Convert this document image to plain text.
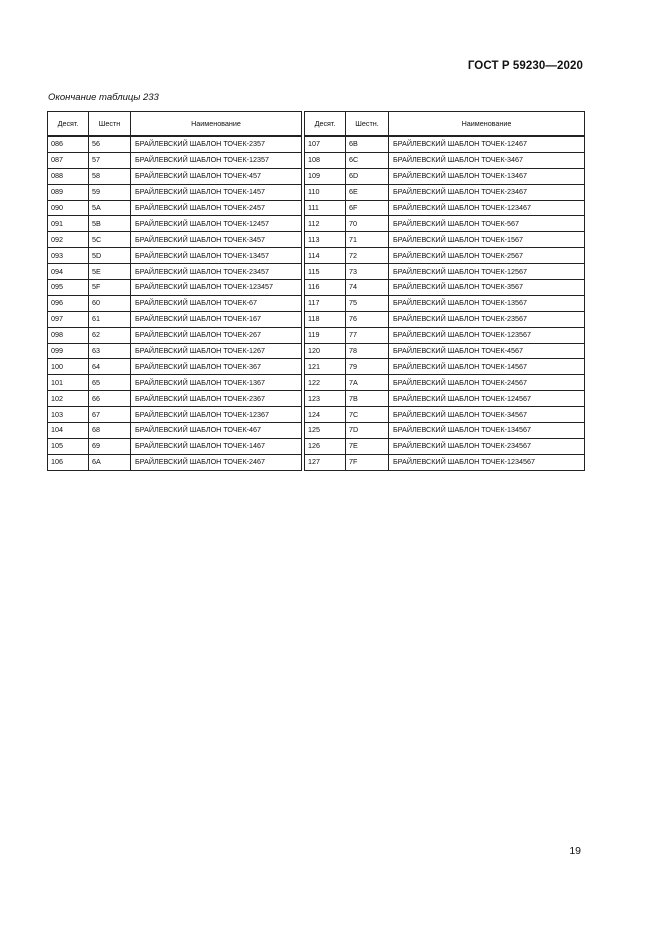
ГОСТ Р 59230—2020
Окончание таблицы 233
Десят.	Шестн	Наименование
086	56	БРАЙЛЕВСКИЙ ШАБЛОН ТОЧЕК-2357
087	57	БРАЙЛЕВСКИЙ ШАБЛОН ТОЧЕК-12357
088	58	БРАЙЛЕВСКИЙ ШАБЛОН ТОЧЕК-457
089	59	БРАЙЛЕВСКИЙ ШАБЛОН ТОЧЕК-1457
090	5A	БРАЙЛЕВСКИЙ ШАБЛОН ТОЧЕК-2457
091	5B	БРАЙЛЕВСКИЙ ШАБЛОН ТОЧЕК-12457
092	5C	БРАЙЛЕВСКИЙ ШАБЛОН ТОЧЕК-3457
093	5D	БРАЙЛЕВСКИЙ ШАБЛОН ТОЧЕК-13457
094	5E	БРАЙЛЕВСКИЙ ШАБЛОН ТОЧЕК-23457
095	5F	БРАЙЛЕВСКИЙ ШАБЛОН ТОЧЕК-123457
096	60	БРАЙЛЕВСКИЙ ШАБЛОН ТОЧЕК-67
097	61	БРАЙЛЕВСКИЙ ШАБЛОН ТОЧЕК-167
098	62	БРАЙЛЕВСКИЙ ШАБЛОН ТОЧЕК-267
099	63	БРАЙЛЕВСКИЙ ШАБЛОН ТОЧЕК-1267
100	64	БРАЙЛЕВСКИЙ ШАБЛОН ТОЧЕК-367
101	65	БРАЙЛЕВСКИЙ ШАБЛОН ТОЧЕК-1367
102	66	БРАЙЛЕВСКИЙ ШАБЛОН ТОЧЕК-2367
103	67	БРАЙЛЕВСКИЙ ШАБЛОН ТОЧЕК-12367
104	68	БРАЙЛЕВСКИЙ ШАБЛОН ТОЧЕК-467
105	69	БРАЙЛЕВСКИЙ ШАБЛОН ТОЧЕК-1467
106	6A	БРАЙЛЕВСКИЙ ШАБЛОН ТОЧЕК-2467
Десят.	Шестн.	Наименование
107	6B	БРАЙЛЕВСКИЙ ШАБЛОН ТОЧЕК-12467
108	6C	БРАЙЛЕВСКИЙ ШАБЛОН ТОЧЕК-3467
109	6D	БРАЙЛЕВСКИЙ ШАБЛОН ТОЧЕК-13467
110	6E	БРАЙЛЕВСКИЙ ШАБЛОН ТОЧЕК-23467
111	6F	БРАЙЛЕВСКИЙ ШАБЛОН ТОЧЕК-123467
112	70	БРАЙЛЕВСКИЙ ШАБЛОН ТОЧЕК-567
113	71	БРАЙЛЕВСКИЙ ШАБЛОН ТОЧЕК-1567
114	72	БРАЙЛЕВСКИЙ ШАБЛОН ТОЧЕК-2567
115	73	БРАЙЛЕВСКИЙ ШАБЛОН ТОЧЕК-12567
116	74	БРАЙЛЕВСКИЙ ШАБЛОН ТОЧЕК-3567
117	75	БРАЙЛЕВСКИЙ ШАБЛОН ТОЧЕК-13567
118	76	БРАЙЛЕВСКИЙ ШАБЛОН ТОЧЕК-23567
119	77	БРАЙЛЕВСКИЙ ШАБЛОН ТОЧЕК-123567
120	78	БРАЙЛЕВСКИЙ ШАБЛОН ТОЧЕК-4567
121	79	БРАЙЛЕВСКИЙ ШАБЛОН ТОЧЕК-14567
122	7A	БРАЙЛЕВСКИЙ ШАБЛОН ТОЧЕК-24567
123	7B	БРАЙЛЕВСКИЙ ШАБЛОН ТОЧЕК-124567
124	7C	БРАЙЛЕВСКИЙ ШАБЛОН ТОЧЕК-34567
125	7D	БРАЙЛЕВСКИЙ ШАБЛОН ТОЧЕК-134567
126	7E	БРАЙЛЕВСКИЙ ШАБЛОН ТОЧЕК-234567
127	7F	БРАЙЛЕВСКИЙ ШАБЛОН ТОЧЕК-1234567
19
